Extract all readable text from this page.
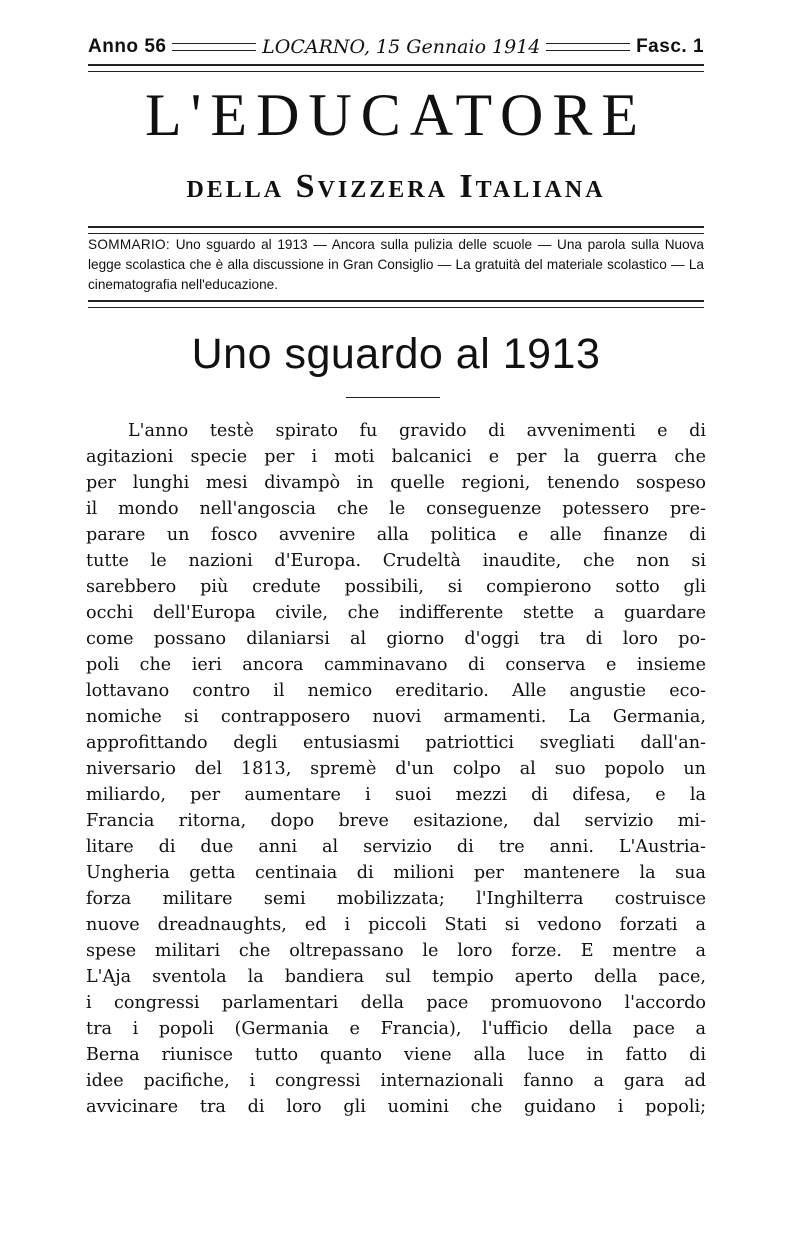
Anno 56	LOCARNO, 15 Gennaio 1914	Fasc. 1
L'EDUCATORE
della Svizzera Italiana
SOMMARIO: Uno sguardo al 1913 — Ancora sulla pulizia delle scuole — Una parola sulla Nuova legge scolastica che è alla discussione in Gran Consiglio — La gratuità del materiale scolastico — La cinematografia nell'educazione.
Uno sguardo al 1913
L'anno testè spirato fu gravido di avvenimenti e di
agitazioni specie per i moti balcanici e per la guerra che
per lunghi mesi divampò in quelle regioni, tenendo sospeso
il mondo nell'angoscia che le conseguenze potessero pre-
parare un fosco avvenire alla politica e alle finanze di
tutte le nazioni d'Europa. Crudeltà inaudite, che non si
sarebbero più credute possibili, si compierono sotto gli
occhi dell'Europa civile, che indifferente stette a guardare
come possano dilaniarsi al giorno d'oggi tra di loro po-
poli che ieri ancora camminavano di conserva e insieme
lottavano contro il nemico ereditario. Alle angustie eco-
nomiche si contrapposero nuovi armamenti. La Germania,
approfittando degli entusiasmi patriottici svegliati dall'an-
niversario del 1813, spremè d'un colpo al suo popolo un
miliardo, per aumentare i suoi mezzi di difesa, e la
Francia ritorna, dopo breve esitazione, dal servizio mi-
litare di due anni al servizio di tre anni. L'Austria-
Ungheria getta centinaia di milioni per mantenere la sua
forza militare semi mobilizzata; l'Inghilterra costruisce
nuove dreadnaughts, ed i piccoli Stati si vedono forzati a
spese militari che oltrepassano le loro forze. E mentre a
L'Aja sventola la bandiera sul tempio aperto della pace,
i congressi parlamentari della pace promuovono l'accordo
tra i popoli (Germania e Francia), l'ufficio della pace a
Berna riunisce tutto quanto viene alla luce in fatto di
idee pacifiche, i congressi internazionali fanno a gara ad
avvicinare tra di loro gli uomini che guidano i popoli;
